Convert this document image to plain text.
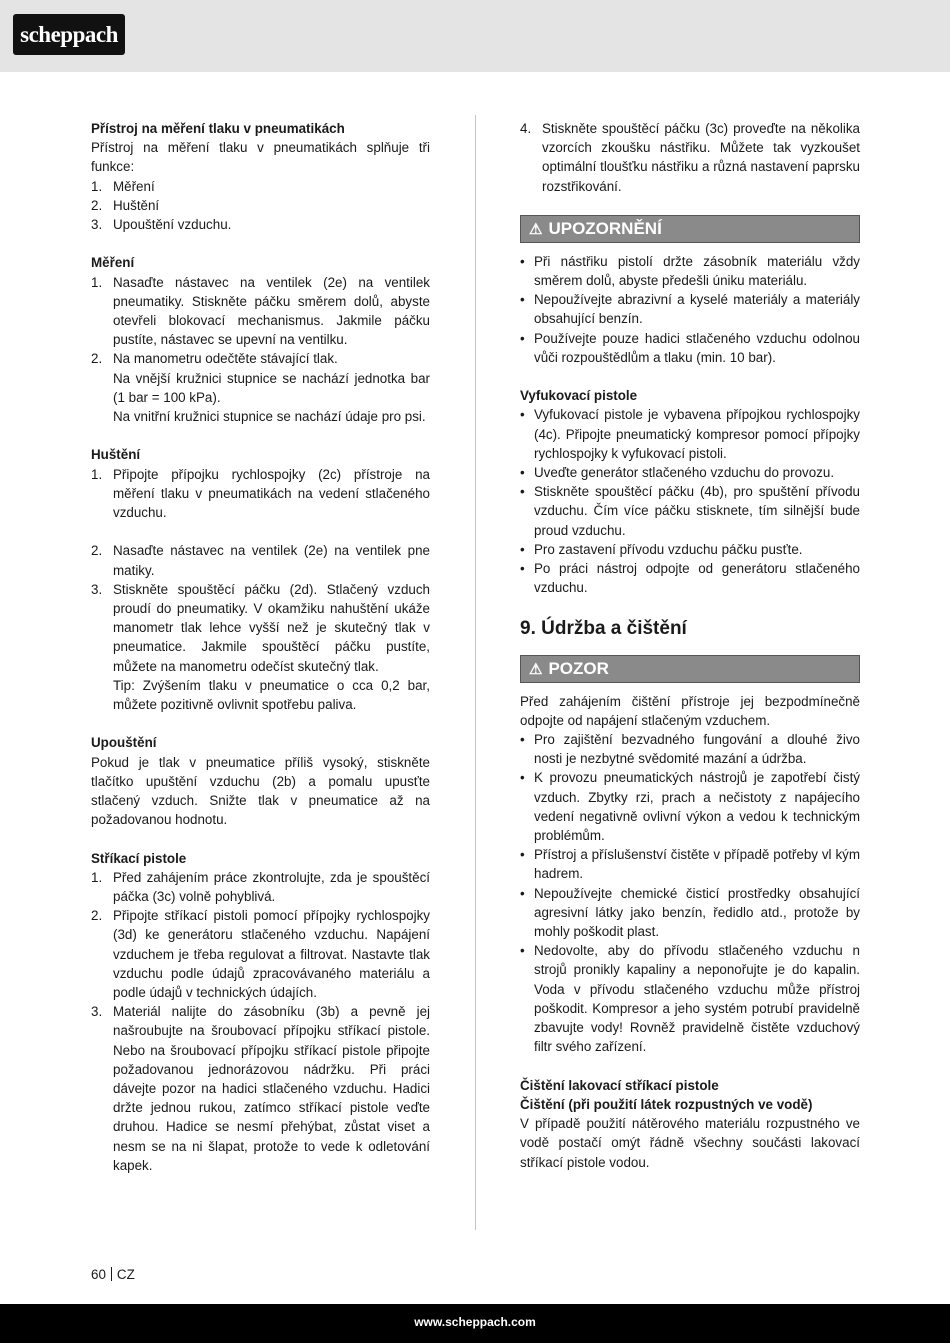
scheppach
Přístroj na měření tlaku v pneumatikách

Přístroj na měření tlaku v pneumatikách splňuje tři funkce:

1. Měření
2. Huštění
3. Upouštění vzduchu.
Měření
1. Nasaďte nástavec na ventilek (2e) na ventilek pneumatiky. Stiskněte páčku směrem dolů, abyste otevřeli blokovací mechanismus. Jakmile páčku pustíte, nástavec se upevní na ventilku.
2. Na manometru odečtěte stávající tlak.
Na vnější kružnici stupnice se nachází jednotka bar (1 bar = 100 kPa).
Na vnitřní kružnici stupnice se nachází údaje pro psi.
Huštění
1. Připojte přípojku rychlospojky (2c) přístroje na měření tlaku v pneumatikách na vedení stlačeného vzduchu.
2. Nasaďte nástavec na ventilek (2e) na ventilek pne matiky.
3. Stiskněte spouštěcí páčku (2d). Stlačený vzduch proudí do pneumatiky. V okamžiku nahuštění ukáže manometr tlak lehce vyšší než je skutečný tlak v pneumatice. Jakmile spouštěcí páčku pustíte, můžete na manometru odečíst skutečný tlak.
Tip: Zvýšením tlaku v pneumatice o cca 0,2 bar, můžete pozitivně ovlivnit spotřebu paliva.
Upouštění

Pokud je tlak v pneumatice příliš vysoký, stiskněte tlačítko upuštění vzduchu (2b) a pomalu upusťte stlačený vzduch. Snižte tlak v pneumatice až na požadovanou hodnotu.

Stříkací pistole
1. Před zahájením práce zkontrolujte, zda je spouštěcí páčka (3c) volně pohyblivá.
2. Připojte stříkací pistoli pomocí přípojky rychlospojky (3d) ke generátoru stlačeného vzduchu. Napájení vzduchem je třeba regulovat a filtrovat. Nastavte tlak vzduchu podle údajů zpracovávaného materiálu a podle údajů v technických údajích.
3. Materiál nalijte do zásobníku (3b) a pevně jej našroubujte na šroubovací přípojku stříkací pistole. Nebo na šroubovací přípojku stříkací pistole připojte požadovanou jednorázovou nádržku. Při práci dávejte pozor na hadici stlačeného vzduchu. Hadici držte jednou rukou, zatímco stříkací pistole veďte druhou. Hadice se nesmí přehýbat, zůstat viset a nesm se na ni šlapat, protože to vede k odletování kapek.
4. Stiskněte spouštěcí páčku (3c) proveďte na několika vzorcích zkoušku nástřiku. Můžete tak vyzkoušet optimální tloušťku nástřiku a různá nastavení paprsku rozstřikování.
⚠ UPOZORNĚNÍ
• Při nástřiku pistolí držte zásobník materiálu vždy směrem dolů, abyste předešli úniku materiálu.
• Nepoužívejte abrazivní a kyselé materiály a materiály obsahující benzín.
• Používejte pouze hadici stlačeného vzduchu odolnou vůči rozpouštědlům a tlaku (min. 10 bar).
Vyfukovací pistole
• Vyfukovací pistole je vybavena přípojkou rychlospojky (4c). Připojte pneumatický kompresor pomocí přípojky rychlospojky k vyfukovací pistoli.
• Uveďte generátor stlačeného vzduchu do provozu.
• Stiskněte spouštěcí páčku (4b), pro spuštění přívodu vzduchu. Čím více páčku stisknete, tím silnější bude proud vzduchu.
• Pro zastavení přívodu vzduchu páčku pusťte.
• Po práci nástroj odpojte od generátoru stlačeného vzduchu.
9. Údržba a čištění
⚠ POZOR

Před zahájením čištění přístroje jej bezpodmínečně odpojte od napájení stlačeným vzduchem.

• Pro zajištění bezvadného fungování a dlouhé živo nosti je nezbytné svědomité mazání a údržba.
• K provozu pneumatických nástrojů je zapotřebí čistý vzduch. Zbytky rzi, prach a nečistoty z napájecího vedení negativně ovlivní výkon a vedou k technickým problémům.
• Přístroj a příslušenství čistěte v případě potřeby vl kým hadrem.
• Nepoužívejte chemické čisticí prostředky obsahující agresivní látky jako benzín, ředidlo atd., protože by mohly poškodit plast.
• Nedovolte, aby do přívodu stlačeného vzduchu n strojů pronikly kapaliny a neponořujte je do kapalin. Voda v přívodu stlačeného vzduchu může přístroj poškodit. Kompresor a jeho systém potrubí pravidelně zbavujte vody! Rovněž pravidelně čistěte vzduchový filtr svého zařízení.
Čištění lakovací stříkací pistole
Čištění (při použití látek rozpustných ve vodě)

V případě použití nátěrového materiálu rozpustného ve vodě postačí omýt řádně všechny součásti lakovací stříkací pistole vodou.

60 CZ
www.scheppach.com
